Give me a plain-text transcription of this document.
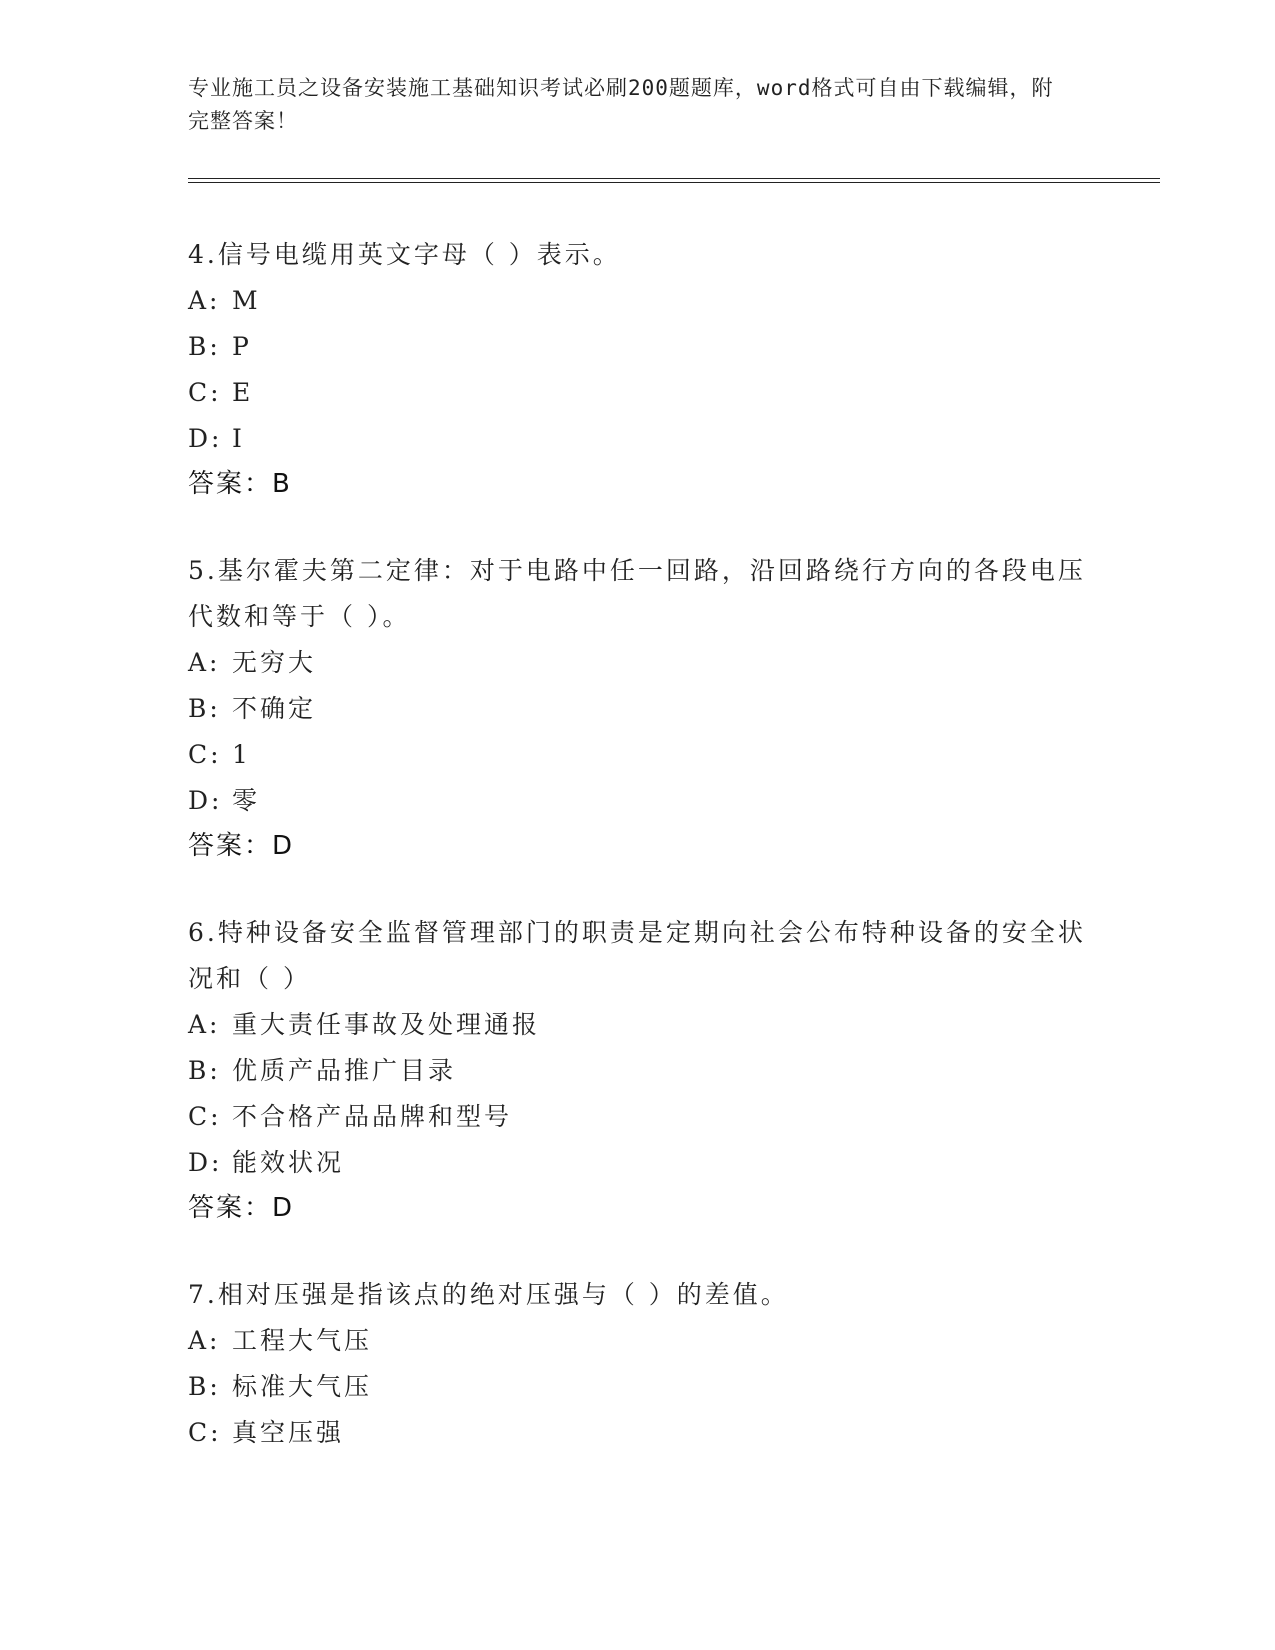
专业施工员之设备安装施工基础知识考试必刷200题题库，word格式可自由下载编辑，附完整答案！
4.信号电缆用英文字母（ ）表示。
A: M
B: P
C: E
D: I
答案：B
5.基尔霍夫第二定律：对于电路中任一回路，沿回路绕行方向的各段电压代数和等于（ ）。
A: 无穷大
B: 不确定
C: 1
D: 零
答案：D
6.特种设备安全监督管理部门的职责是定期向社会公布特种设备的安全状况和（ ）
A: 重大责任事故及处理通报
B: 优质产品推广目录
C: 不合格产品品牌和型号
D: 能效状况
答案：D
7.相对压强是指该点的绝对压强与（ ）的差值。
A: 工程大气压
B: 标准大气压
C: 真空压强
